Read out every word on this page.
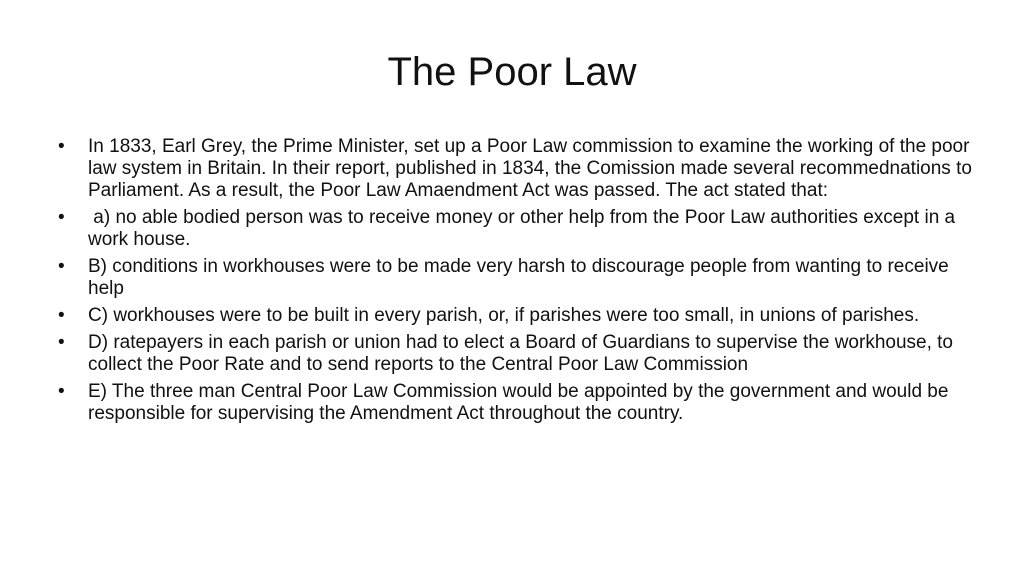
The Poor Law
•	In 1833, Earl Grey, the Prime Minister, set up a Poor Law commission to examine the working of the poor law system in Britain. In their report, published in 1834, the Comission made several recommednations to Parliament. As a result, the Poor Law Amaendment Act was passed. The act stated that:
•	a) no able bodied person was to receive money or other help from the Poor Law authorities except in a work house.
•	B) conditions in workhouses were to be made very harsh to discourage people from wanting to receive help
•	C) workhouses were to be built in every parish, or, if parishes were too small, in unions of parishes.
•	D) ratepayers in each parish or union had to elect a Board of Guardians to supervise the workhouse, to collect the Poor Rate and to send reports to the Central Poor Law Commission
•	E) The three man Central Poor Law Commission would be appointed by the government and would be responsible for supervising the Amendment Act throughout the country.
